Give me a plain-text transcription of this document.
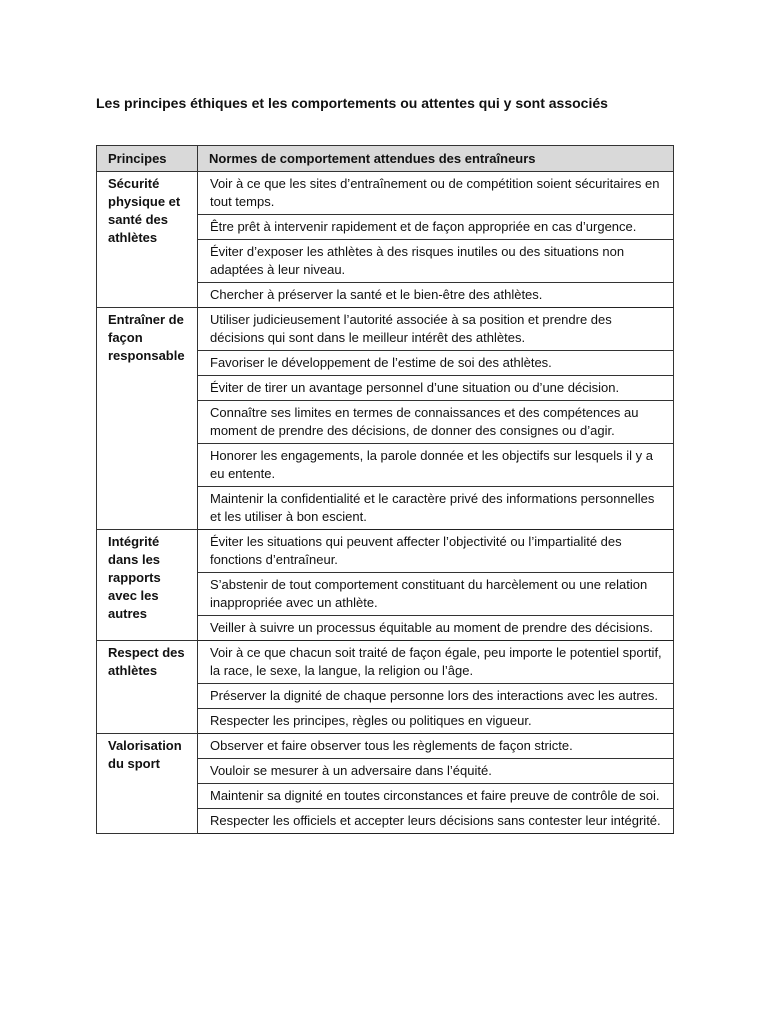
Les principes éthiques et les comportements ou attentes qui y sont associés
Principes	Normes de comportement attendues des entraîneurs
Sécurité physique et santé des athlètes	Voir à ce que les sites d’entraînement ou de compétition soient sécuritaires en tout temps.
	Être prêt à intervenir rapidement et de façon appropriée en cas d’urgence.
	Éviter d’exposer les athlètes à des risques inutiles ou des situations non adaptées à leur niveau.
	Chercher à préserver la santé et le bien-être des athlètes.
Entraîner de façon responsable	Utiliser judicieusement l’autorité associée à sa position et prendre des décisions qui sont dans le meilleur intérêt des athlètes.
	Favoriser le développement de l’estime de soi des athlètes.
	Éviter de tirer un avantage personnel d’une situation ou d’une décision.
	Connaître ses limites en termes de connaissances et des compétences au moment de prendre des décisions, de donner des consignes ou d’agir.
	Honorer les engagements, la parole donnée et les objectifs sur lesquels il y a eu entente.
	Maintenir la confidentialité et le caractère privé des informations personnelles et les utiliser à bon escient.
Intégrité dans les rapports avec les autres	Éviter les situations qui peuvent affecter l’objectivité ou l’impartialité des fonctions d’entraîneur.
	S’abstenir de tout comportement constituant du harcèlement ou une relation inappropriée avec un athlète.
	Veiller à suivre un processus équitable au moment de prendre des décisions.
Respect des athlètes	Voir à ce que chacun soit traité de façon égale, peu importe le potentiel sportif, la race, le sexe, la langue, la religion ou l’âge.
	Préserver la dignité de chaque personne lors des interactions avec les autres.
	Respecter les principes, règles ou politiques en vigueur.
Valorisation du sport	Observer et faire observer tous les règlements de façon stricte.
	Vouloir se mesurer à un adversaire dans l’équité.
	Maintenir sa dignité en toutes circonstances et faire preuve de contrôle de soi.
	Respecter les officiels et accepter leurs décisions sans contester leur intégrité.
